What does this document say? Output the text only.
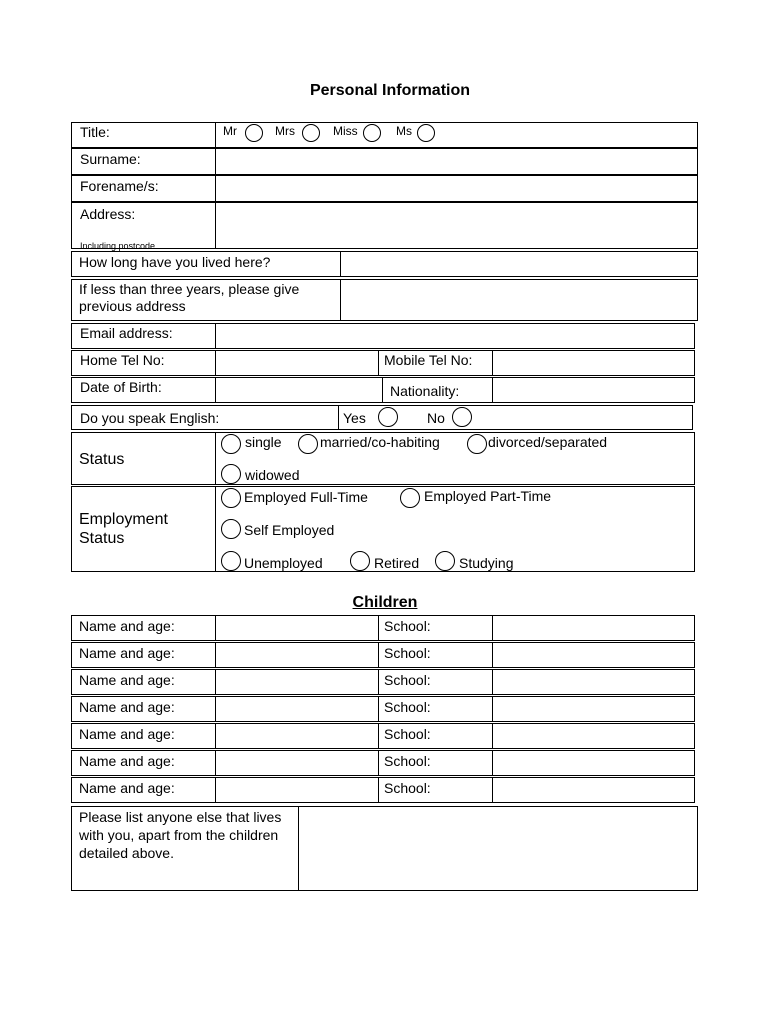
Personal Information
Children
Title:	Mr	Mrs	Miss	Ms
Surname:
Forename/s:
Address:
Including postcode
How long have you lived here?
If less than three years, please give previous address
Email address:
Home Tel No:	Mobile Tel No:
Date of Birth:	Nationality:
Do you speak English:	Yes	No
Status
single	married/co-habiting	divorced/separated
widowed
Employment Status
Employed Full-Time	Employed Part-Time
Self Employed
Unemployed	Retired	Studying
Name and age:	School:
Name and age:	School:
Name and age:	School:
Name and age:	School:
Name and age:	School:
Name and age:	School:
Name and age:	School:
Please list anyone else that lives with you, apart from the children detailed above.
